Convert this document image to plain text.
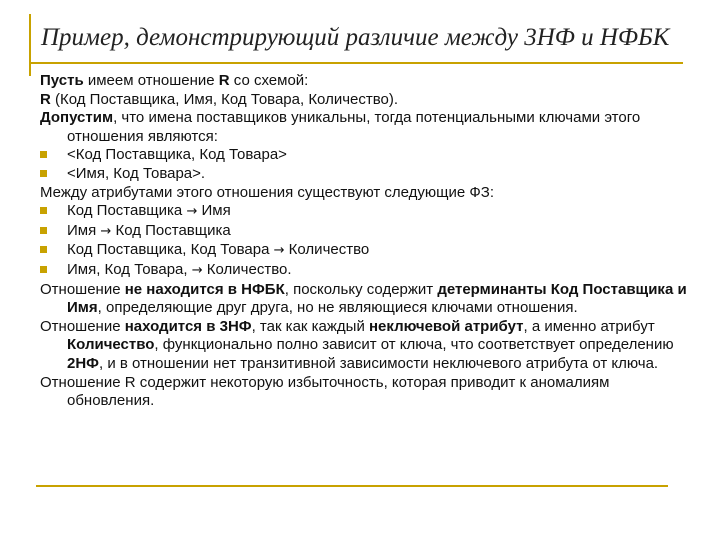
Пример, демонстрирующий различие между 3НФ и НФБК
Пусть имеем отношение R со схемой:
R (Код Поставщика, Имя, Код Товара, Количество).
Допустим, что имена поставщиков уникальны, тогда потенциальными ключами этого отношения являются:
<Код Поставщика, Код Товара>
<Имя, Код Товара>.
Между атрибутами этого отношения существуют следующие ФЗ:
Код Поставщика → Имя
Имя → Код Поставщика
Код Поставщика, Код Товара → Количество
Имя, Код Товара, → Количество.
Отношение не находится в НФБК, поскольку содержит детерминанты Код Поставщика и Имя, определяющие друг друга, но не являющиеся ключами отношения.
Отношение находится в 3НФ, так как каждый неключевой атрибут, а именно атрибут Количество, функционально полно зависит от ключа, что соответствует определению 2НФ, и в отношении нет транзитивной зависимости неключевого атрибута от ключа.
Отношение R содержит некоторую избыточность, которая приводит к аномалиям обновления.
